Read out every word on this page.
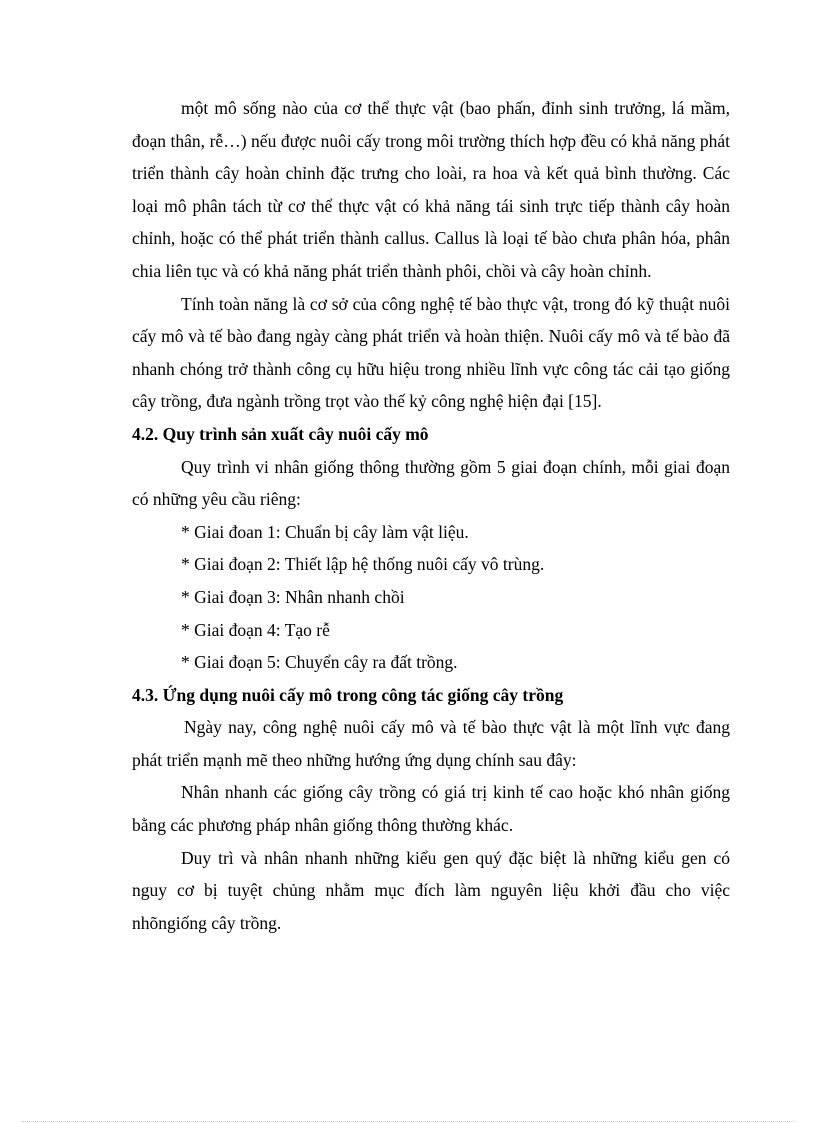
một mô sống nào của cơ thể thực vật (bao phấn, đỉnh sinh trưởng, lá mầm, đoạn thân, rễ…) nếu được nuôi cấy trong môi trường thích hợp đều có khả năng phát triển thành cây hoàn chỉnh đặc trưng cho loài, ra hoa và kết quả bình thường. Các loại mô phân tách từ cơ thể thực vật có khả năng tái sinh trực tiếp thành cây hoàn chỉnh, hoặc có thể phát triển thành callus. Callus là loại tế bào chưa phân hóa, phân chia liên tục và có khả năng phát triển thành phôi, chồi và cây hoàn chỉnh.

Tính toàn năng là cơ sở của công nghệ tế bào thực vật, trong đó kỹ thuật nuôi cấy mô và tế bào đang ngày càng phát triển và hoàn thiện. Nuôi cấy mô và tế bào đã nhanh chóng trở thành công cụ hữu hiệu trong nhiều lĩnh vực công tác cải tạo giống cây trồng, đưa ngành trồng trọt vào thế kỷ công nghệ hiện đại [15].

4.2. Quy trình sản xuất cây nuôi cấy mô

Quy trình vi nhân giống thông thường gồm 5 giai đoạn chính, mỗi giai đoạn có những yêu cầu riêng:

* Giai đoan 1: Chuẩn bị cây làm vật liệu.

* Giai đoạn 2: Thiết lập hệ thống nuôi cấy vô trùng.

* Giai đoạn 3: Nhân nhanh chồi

* Giai đoạn 4: Tạo rễ

* Giai đoạn 5: Chuyển cây ra đất trồng.

4.3. Ứng dụng nuôi cấy mô trong công tác giống cây trồng

Ngày nay, công nghệ nuôi cấy mô và tế bào thực vật là một lĩnh vực đang phát triển mạnh mẽ theo những hướng ứng dụng chính sau đây:

Nhân nhanh các giống cây trồng có giá trị kinh tế cao hoặc khó nhân giống bằng các phương pháp nhân giống thông thường khác.

Duy trì và nhân nhanh những kiểu gen quý đặc biệt là những kiểu gen có nguy cơ bị tuyệt chủng nhằm mục đích làm nguyên liệu khởi đầu cho việc nhõngiống cây trồng.
